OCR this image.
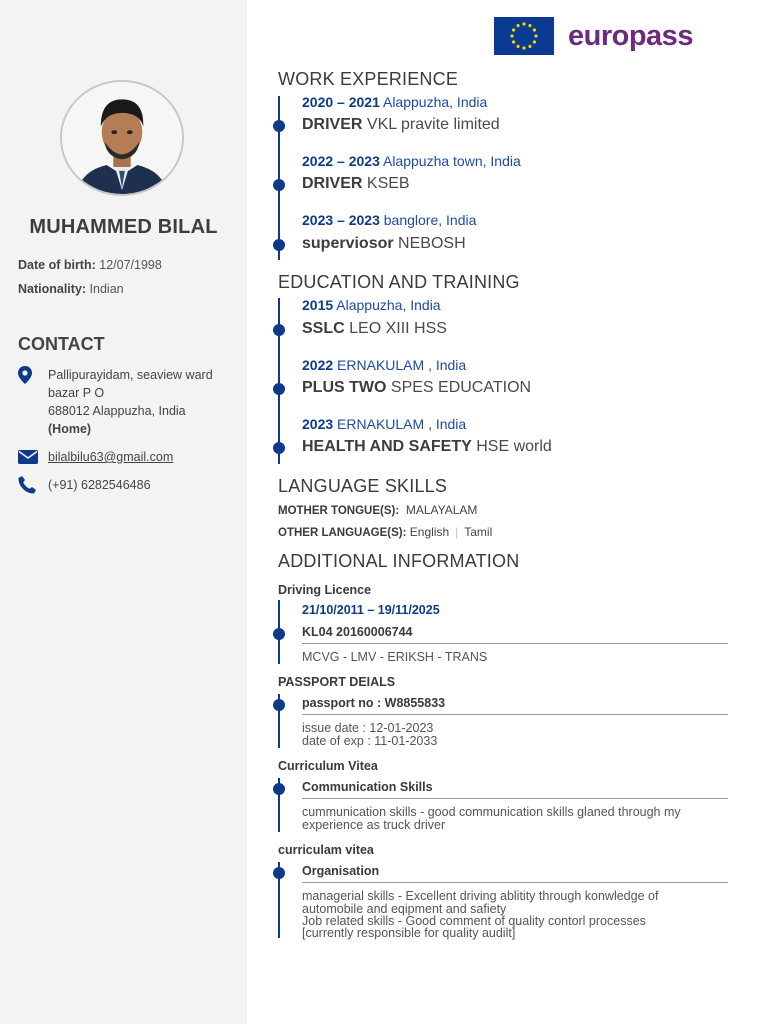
MUHAMMED BILAL
Date of birth: 12/07/1998
Nationality: Indian
CONTACT
Pallipurayidam, seaview ward
bazar P O
688012 Alappuzha, India
(Home)
bilalbilu63@gmail.com
(+91) 6282546486
europass
WORK EXPERIENCE
2020 – 2021 Alappuzha, India
DRIVER VKL pravite limited
2022 – 2023 Alappuzha town, India
DRIVER KSEB
2023 – 2023 banglore, India
superviosor NEBOSH
EDUCATION AND TRAINING
2015 Alappuzha, India
SSLC LEO XIII HSS
2022 ERNAKULAM , India
PLUS TWO SPES EDUCATION
2023 ERNAKULAM , India
HEALTH AND SAFETY HSE world
LANGUAGE SKILLS
MOTHER TONGUE(S): MALAYALAM
OTHER LANGUAGE(S): English | Tamil
ADDITIONAL INFORMATION
Driving Licence
21/10/2011 – 19/11/2025
KL04 20160006744
MCVG - LMV - ERIKSH - TRANS
PASSPORT DEIALS
passport no : W8855833
issue date : 12-01-2023
date of exp : 11-01-2033
Curriculum Vitea
Communication Skills
cummunication skills - good communication skills glaned through my
experience as truck driver
curriculam vitea
Organisation
managerial skills - Excellent driving ablitity through konwledge of
automobile and eqipment and safiety
Job related skills - Good comment of quality contorl processes
[currently responsible for quality audilt]
